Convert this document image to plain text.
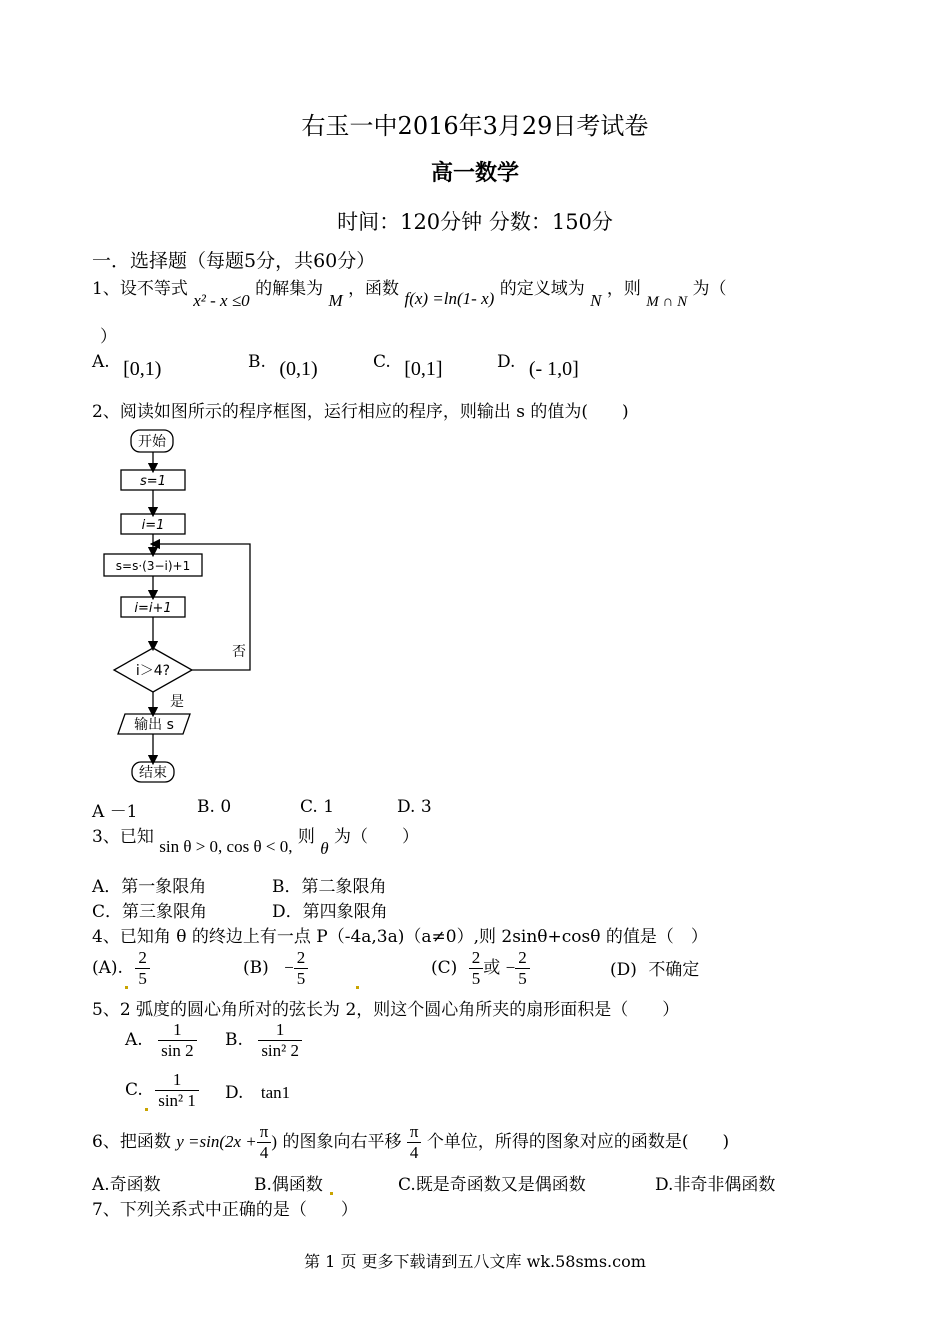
右玉一中2016年3月29日考试卷
高一数学
时间：120分钟 分数：150分
一．选择题（每题5分，共60分）
1、设不等式 x² - x ≤0 的解集为 M ，函数 f(x) =ln(1- x) 的定义域为 N ，则 M ∩ N 为（
）
A. [0,1)	B. (0,1)	C. [0,1]	D. (- 1,0]
2、阅读如图所示的程序框图，运行相应的程序，则输出 s 的值为(　　)
开始
s=1
i=1
s=s·(3−i)+1
i=i+1
i＞4?
否
是
输出 s
结束
A －1	B. 0	C. 1	D. 3
3、已知 sin θ > 0, cos θ < 0, 则 θ 为（　　）
A．第一象限角	B．第二象限角
C．第三象限角	D．第四象限角
4、已知角 θ 的终边上有一点 P（-4a,3a)（a≠0）,则 2sinθ+cosθ 的值是（　）
(A). $\frac{2}{5}$	$(B) - \frac{2}{5}$
	$(C) \frac{2}{5}$ 或 − $\frac{2}{5}$	(D) 不确定
5、2 弧度的圆心角所对的弦长为 2，则这个圆心角所夹的扇形面积是（　　）
A. $\frac{1}{\sin 2} B$. $\frac{1}{\text{sin² 2}}$
C. $\frac{1}{\text{sin² 1}} D$. tan1
6、把函数 $y =\sin(2x + \frac{\pi}{4}$ ) 的图象向右平移 $\frac{\pi}{4}$ 个单位，所得的图象对应的函数是(　　)
A.奇函数	B.偶函数	C.既是奇函数又是偶函数	D.非奇非偶函数
7、下列关系式中正确的是（　　）
第 1 页 更多下载请到五八文库 wk.58sms.com
